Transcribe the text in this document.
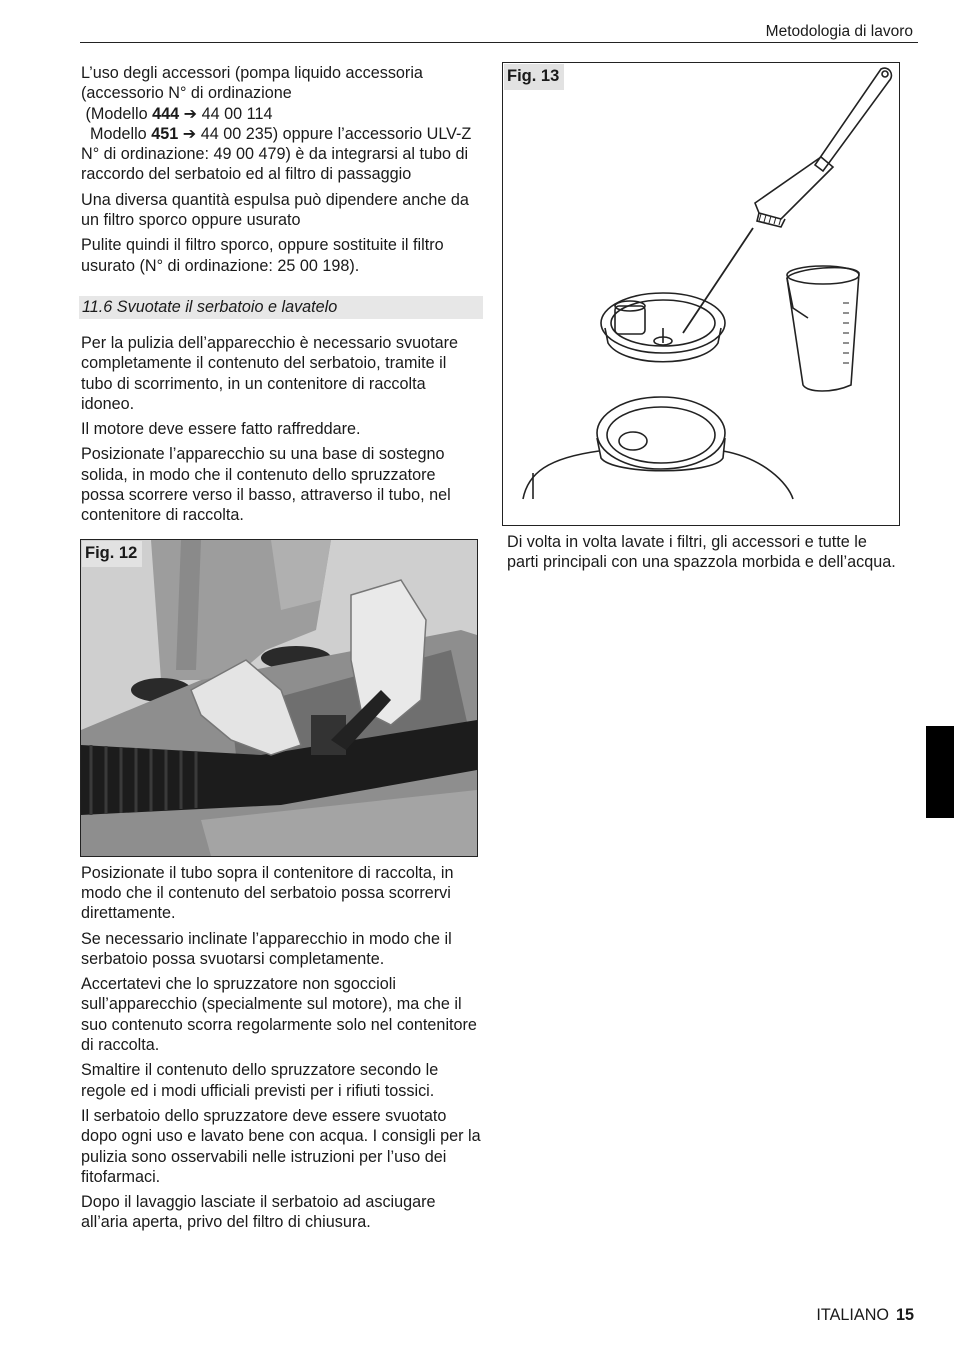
Metodologia di lavoro

L’uso degli accessori (pompa liquido accessoria (accessorio N° di ordinazione
(Modello 444 ➔ 44 00 114
Modello 451 ➔ 44 00 235) oppure l’accessorio ULV-Z N° di ordinazione: 49 00 479) è da integrarsi al tubo di raccordo del serbatoio ed al filtro di passaggio

Una diversa quantità espulsa può dipendere anche da un filtro sporco oppure usurato

Pulite quindi il filtro sporco, oppure sostituite il filtro usurato (N° di ordinazione: 25 00 198).

11.6 Svuotate il serbatoio e lavatelo

Per la pulizia dell’apparecchio è necessario svuotare completamente il contenuto del serbatoio, tramite il tubo di scorrimento, in un contenitore di raccolta idoneo.

Il motore deve essere fatto raffreddare.

Posizionate l’apparecchio su una base di sostegno solida, in modo che il contenuto dello spruzzatore possa scorrere verso il basso, attraverso il tubo, nel contenitore di raccolta.

Fig. 12

Posizionate il tubo sopra il contenitore di raccolta, in modo che il contenuto del serbatoio possa scorrervi direttamente.

Se necessario inclinate l’apparecchio in modo che il serbatoio possa svuotarsi completamente.

Accertatevi che lo spruzzatore non sgoccioli sull’apparecchio (specialmente sul motore), ma che il suo contenuto scorra regolarmente solo nel contenitore di raccolta.

Smaltire il contenuto dello spruzzatore secondo le regole ed i modi ufficiali previsti per i rifiuti tossici.

Il serbatoio dello spruzzatore deve essere svuotato dopo ogni uso e lavato bene con acqua. I consigli per la pulizia sono osservabili nelle istruzioni per l’uso dei fitofarmaci.

Dopo il lavaggio lasciate il serbatoio ad asciugare all’aria aperta, privo del filtro di chiusura.

Fig. 13

Di volta in volta lavate i filtri, gli accessori e tutte le parti principali con una spazzola morbida e dell’acqua.

ITALIANO 15
